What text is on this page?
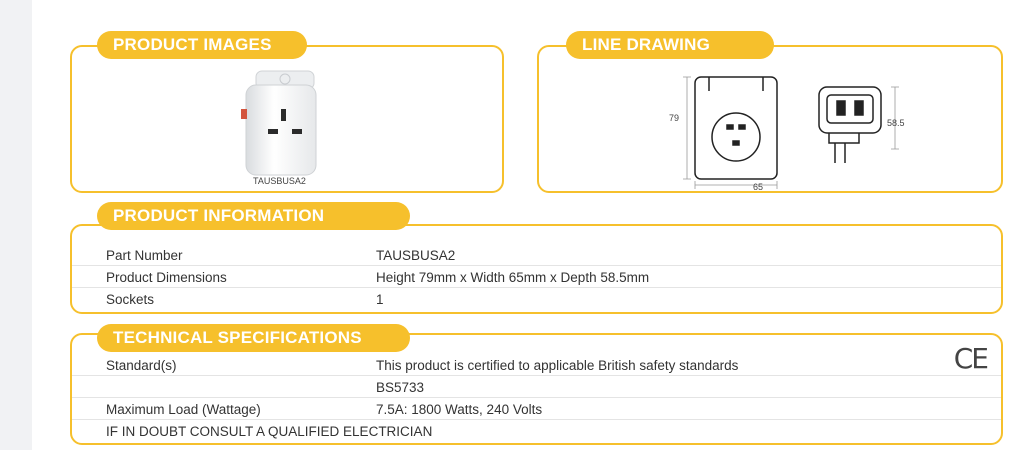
TAUSBUSA2
PRODUCT IMAGES
79
65
58.5
LINE DRAWING
Part Number	TAUSBUSA2
Product Dimensions	Height 79mm x Width 65mm x Depth 58.5mm
Sockets	1
PRODUCT INFORMATION
Standard(s)	This product is certified to applicable British safety standards
BS5733
Maximum Load (Wattage)	7.5A: 1800 Watts, 240 Volts
IF IN DOUBT CONSULT A QUALIFIED ELECTRICIAN
CE
TECHNICAL SPECIFICATIONS
